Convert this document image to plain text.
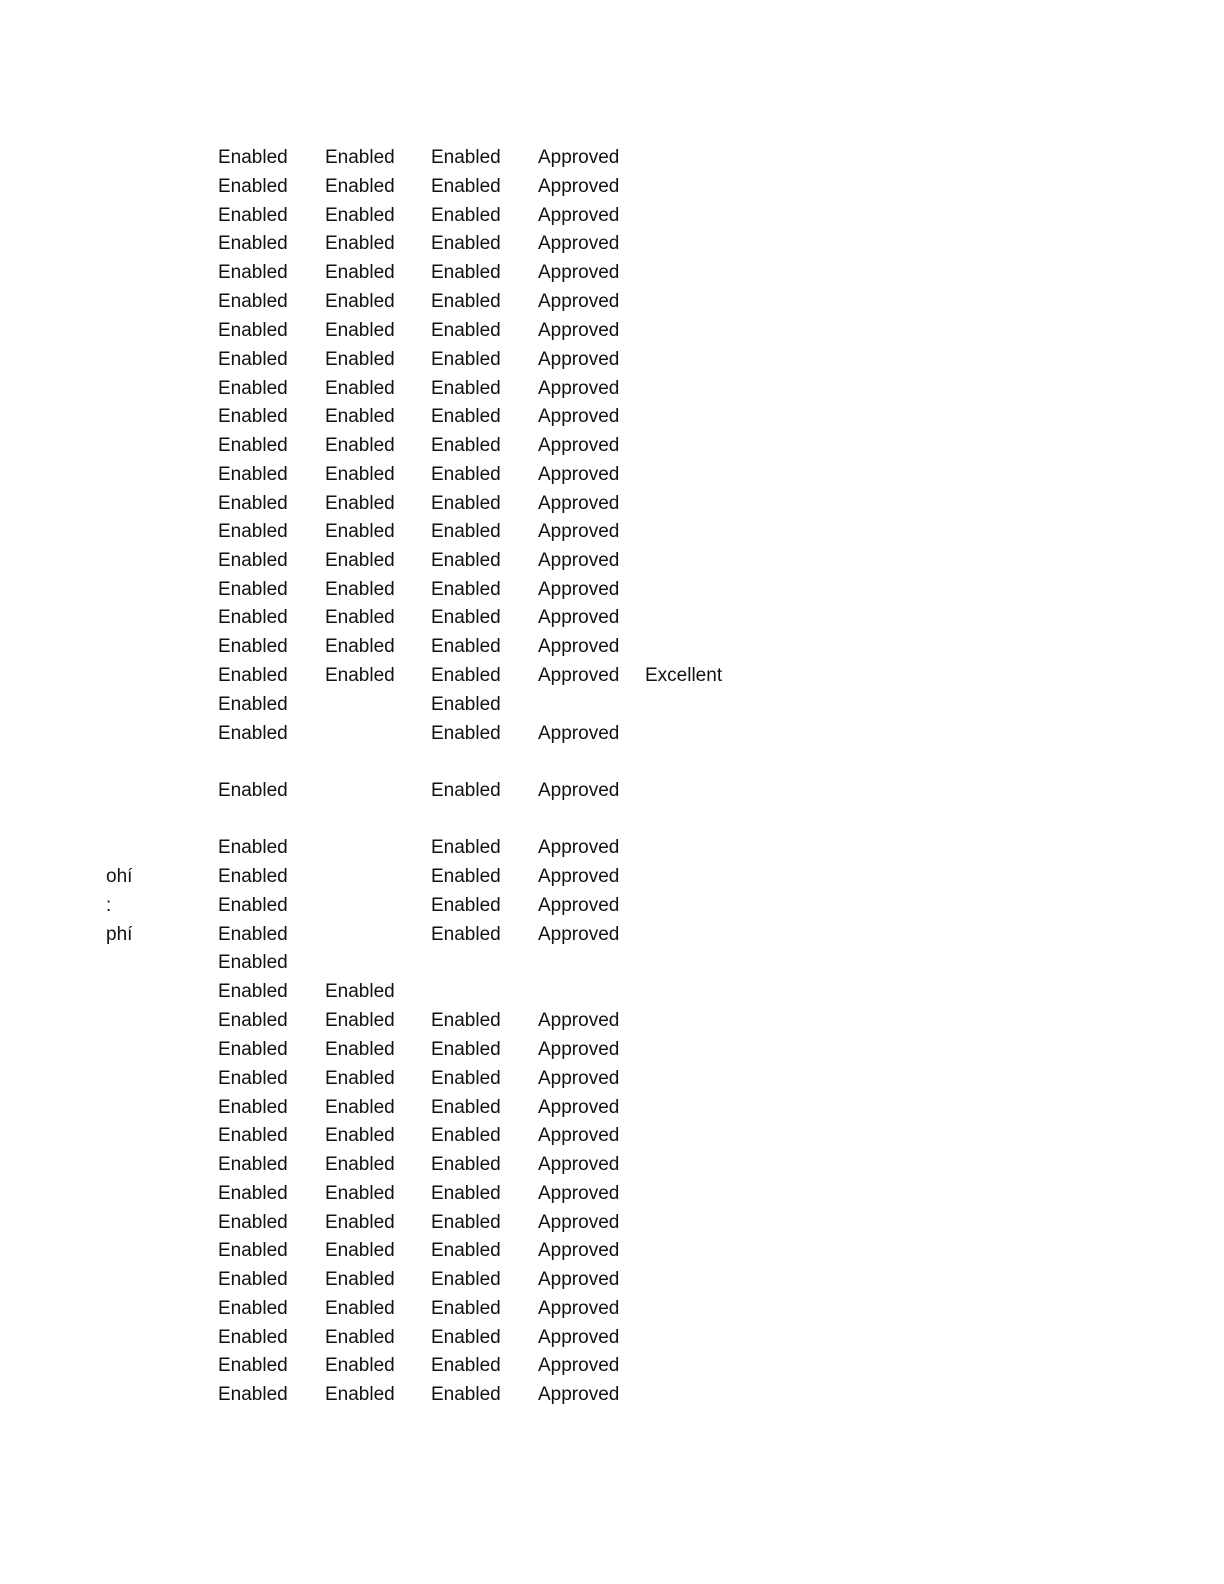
Enabled Enabled Enabled Approved
Enabled Enabled Enabled Approved
Enabled Enabled Enabled Approved
Enabled Enabled Enabled Approved
Enabled Enabled Enabled Approved
Enabled Enabled Enabled Approved
Enabled Enabled Enabled Approved
Enabled Enabled Enabled Approved
Enabled Enabled Enabled Approved
Enabled Enabled Enabled Approved
Enabled Enabled Enabled Approved
Enabled Enabled Enabled Approved
Enabled Enabled Enabled Approved
Enabled Enabled Enabled Approved
Enabled Enabled Enabled Approved
Enabled Enabled Enabled Approved
Enabled Enabled Enabled Approved
Enabled Enabled Enabled Approved
Enabled Enabled Enabled Approved Excellent
Enabled	Enabled
Enabled	Enabled Approved
Enabled	Enabled Approved
Enabled	Enabled Approved
ohí	Enabled	Enabled Approved
:	Enabled	Enabled Approved
phí	Enabled	Enabled Approved
Enabled
Enabled Enabled
Enabled Enabled Enabled Approved
Enabled Enabled Enabled Approved
Enabled Enabled Enabled Approved
Enabled Enabled Enabled Approved
Enabled Enabled Enabled Approved
Enabled Enabled Enabled Approved
Enabled Enabled Enabled Approved
Enabled Enabled Enabled Approved
Enabled Enabled Enabled Approved
Enabled Enabled Enabled Approved
Enabled Enabled Enabled Approved
Enabled Enabled Enabled Approved
Enabled Enabled Enabled Approved
Enabled Enabled Enabled Approved
